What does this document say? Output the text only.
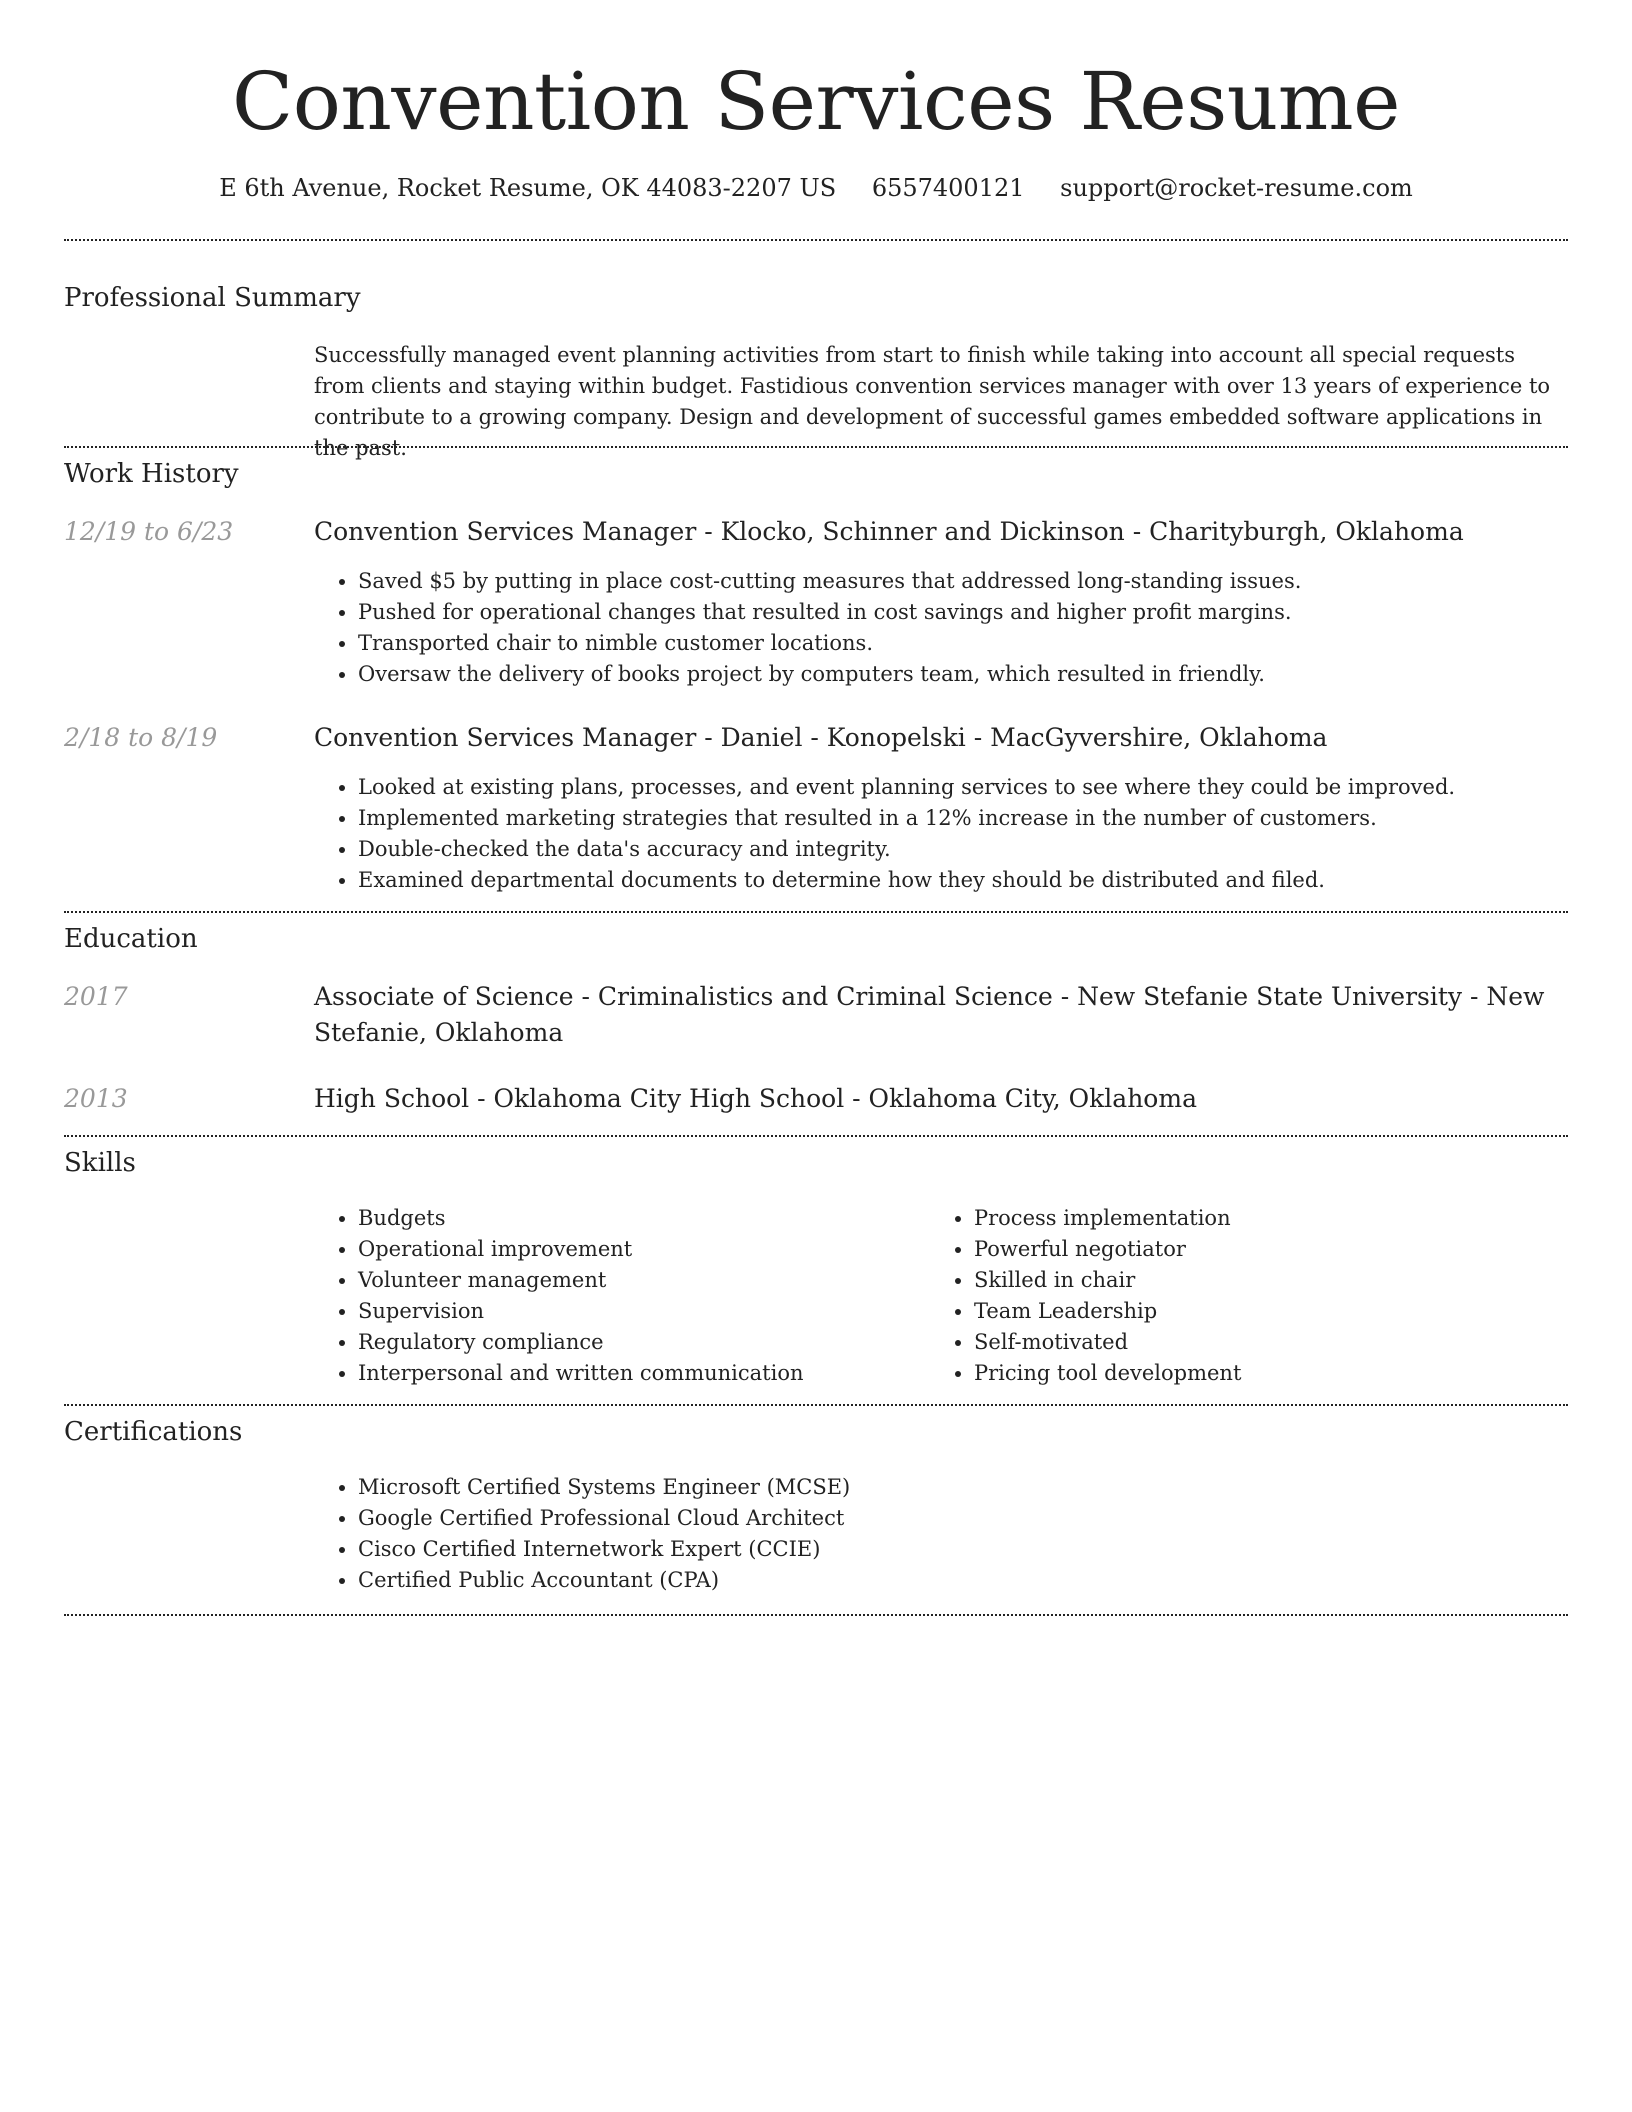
Convention Services Resume
E 6th Avenue, Rocket Resume, OK 44083-2207 US 6557400121 support@rocket-resume.com
Professional Summary

Successfully managed event planning activities from start to finish while taking into account all special requests from clients and staying within budget. Fastidious convention services manager with over 13 years of experience to contribute to a growing company. Design and development of successful games embedded software applications in the past.

Work History
12/19 to 6/23	Convention Services Manager - Klocko, Schinner and Dickinson - Charityburgh, Oklahoma
• Saved $5 by putting in place cost-cutting measures that addressed long-standing issues.
• Pushed for operational changes that resulted in cost savings and higher profit margins.
• Transported chair to nimble customer locations.
• Oversaw the delivery of books project by computers team, which resulted in friendly.
2/18 to 8/19	Convention Services Manager - Daniel - Konopelski - MacGyvershire, Oklahoma
• Looked at existing plans, processes, and event planning services to see where they could be improved.
• Implemented marketing strategies that resulted in a 12% increase in the number of customers.
• Double-checked the data's accuracy and integrity.
• Examined departmental documents to determine how they should be distributed and filed.
Education
2017	Associate of Science - Criminalistics and Criminal Science - New Stefanie State University - New Stefanie, Oklahoma
2013	High School - Oklahoma City High School - Oklahoma City, Oklahoma
Skills
• Budgets
• Operational improvement
• Volunteer management
• Supervision
• Regulatory compliance
• Interpersonal and written communication
• Process implementation
• Powerful negotiator
• Skilled in chair
• Team Leadership
• Self-motivated
• Pricing tool development
Certifications
• Microsoft Certified Systems Engineer (MCSE)
• Google Certified Professional Cloud Architect
• Cisco Certified Internetwork Expert (CCIE)
• Certified Public Accountant (CPA)
